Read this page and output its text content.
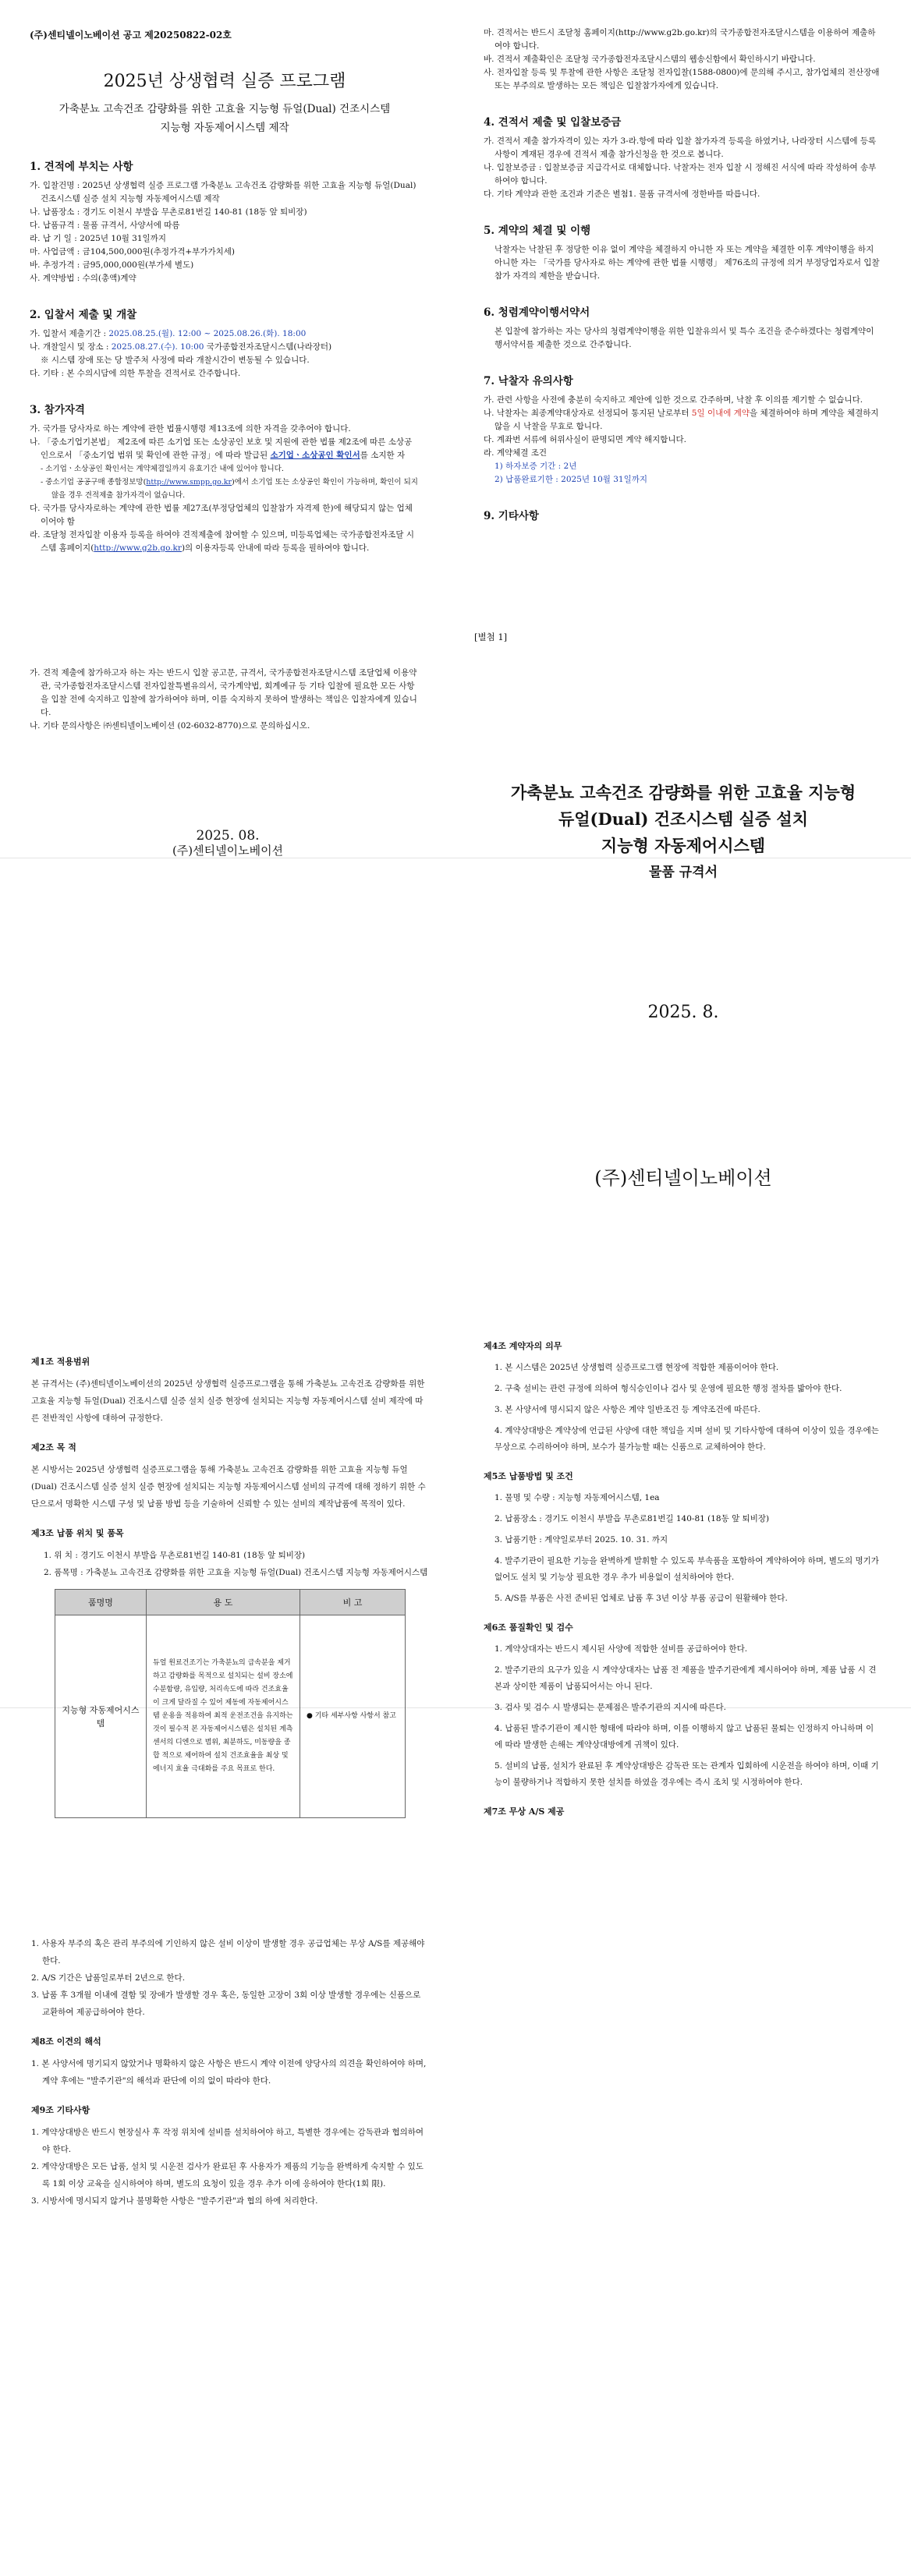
(주)센티넬이노베이션 공고 제20250822-02호

2025년 상생협력 실증 프로그램

가축분뇨 고속건조 감량화를 위한 고효율 지능형 듀얼(Dual) 건조시스템

지능형 자동제어시스템 제작

1. 견적에 부치는 사항

가. 입찰건명 : 2025년 상생협력 실증 프로그램 가축분뇨 고속건조 감량화를 위한 고효율 지능형 듀얼(Dual) 건조시스템 실증 설치 지능형 자동제어시스템 제작

나. 납품장소 : 경기도 이천시 부발읍 무촌로81번길 140-81 (18동 앞 퇴비장)

다. 납품규격 : 물품 규격서, 사양서에 따름

라. 납 기 일 : 2025년 10월 31일까지

마. 사업금액 : 금104,500,000원(추정가격+부가가치세)

바. 추정가격 : 금95,000,000원(부가세 별도)

사. 계약방법 : 수의(총액)계약

2. 입찰서 제출 및 개찰

가. 입찰서 제출기간 : 2025.08.25.(월). 12:00 ~ 2025.08.26.(화). 18:00

나. 개찰일시 및 장소 : 2025.08.27.(수). 10:00 국가종합전자조달시스템(나라장터)

※ 시스템 장애 또는 당 발주처 사정에 따라 개찰시간이 변동될 수 있습니다.

다. 기타 : 본 수의시담에 의한 투찰을 견적서로 간주합니다.

3. 참가자격

가. 국가를 당사자로 하는 계약에 관한 법률시행령 제13조에 의한 자격을 갖추어야 합니다.

나. 「중소기업기본법」 제2조에 따른 소기업 또는 소상공인 보호 및 지원에 관한 법률 제2조에 따른 소상공인으로서 「중소기업 범위 및 확인에 관한 규정」에 따라 발급된 소기업ㆍ소상공인 확인서를 소지한 자

- 소기업ㆍ소상공인 확인서는 계약체결일까지 유효기간 내에 있어야 합니다.

- 중소기업 공공구매 종합정보망(http://www.smpp.go.kr)에서 소기업 또는 소상공인 확인이 가능하며, 확인이 되지 않을 경우 견적제출 참가자격이 없습니다.

다. 국가를 당사자로하는 계약에 관한 법률 제27조(부정당업체의 입찰참가 자격제 한)에 해당되지 않는 업체이어야 함

라. 조달청 전자입찰 이용자 등록을 하여야 견적제출에 참여할 수 있으며, 미등록업체는 국가종합전자조달 시스템 홈페이지(http://www.g2b.go.kr)의 이용자등록 안내에 따라 등록을 필하여야 합니다.

가. 견적 제출에 참가하고자 하는 자는 반드시 입찰 공고문, 규격서, 국가종합전자조달시스템 조달업체 이용약관, 국가종합전자조달시스템 전자입찰특별유의서, 국가계약법, 회계예규 등 기타 입찰에 필요한 모든 사항을 입찰 전에 숙지하고 입찰에 참가하여야 하며, 이를 숙지하지 못하여 발생하는 책임은 입찰자에게 있습니다.

나. 기타 문의사항은 ㈜센티넬이노베이션 (02-6032-8770)으로 문의하십시오.

2025. 08.

(주)센티넬이노베이션

마. 견적서는 반드시 조달청 홈페이지(http://www.g2b.go.kr)의 국가종합전자조달시스템을 이용하여 제출하여야 합니다.

바. 견적서 제출확인은 조달청 국가종합전자조달시스템의 웹송신함에서 확인하시기 바랍니다.

사. 전자입찰 등록 및 투찰에 관한 사항은 조달청 전자입찰(1588-0800)에 문의해 주시고, 참가업체의 전산장애 또는 부주의로 발생하는 모든 책임은 입찰참가자에게 있습니다.

4. 견적서 제출 및 입찰보증금

가. 견적서 제출 참가자격이 있는 자가 3-라.항에 따라 입찰 참가자격 등록을 하였거나, 나라장터 시스템에 등록사항이 계재된 경우에 견적서 제출 참가신청을 한 것으로 봅니다.

나. 입찰보증금 : 입찰보증금 지급각서로 대체합니다. 낙찰자는 전자 입찰 시 정해진 서식에 따라 작성하여 송부하여야 합니다.

다. 기타 계약과 관한 조건과 기준은 별첨1. 물품 규격서에 정한바를 따릅니다.

5. 계약의 체결 및 이행

낙찰자는 낙찰된 후 정당한 이유 없이 계약을 체결하지 아니한 자 또는 계약을 체결한 이후 계약이행을 하지 아니한 자는 「국가를 당사자로 하는 계약에 관한 법률 시행령」 제76조의 규정에 의거 부정당업자로서 입찰참가 자격의 제한을 받습니다.

6. 청렴계약이행서약서

본 입찰에 참가하는 자는 당사의 청렴계약이행을 위한 입찰유의서 및 특수 조건을 준수하겠다는 청렴계약이행서약서를 제출한 것으로 간주합니다.

7. 낙찰자 유의사항

가. 관련 사항을 사전에 충분히 숙지하고 제안에 임한 것으로 간주하며, 낙찰 후 이의를 제기할 수 없습니다.

나. 낙찰자는 최종계약대상자로 선정되어 통지된 날로부터 5일 이내에 계약을 체결하여야 하며 계약을 체결하지 않을 시 낙찰을 무효로 합니다.

다. 계좌번 서류에 허위사실이 판명되면 계약 해지합니다.

라. 계약체결 조건

1) 하자보증 기간 : 2년

2) 납품완료기한 : 2025년 10월 31일까지

9. 기타사항

[별첨 1]

가축분뇨 고속건조 감량화를 위한 고효율 지능형

듀얼(Dual) 건조시스템 실증 설치

지능형 자동제어시스템

물품 규격서

2025. 8.

(주)센티넬이노베이션

제1조 적용범위

본 규격서는 (주)센티넬이노베이션의 2025년 상생협력 실증프로그램을 통해 가축분뇨 고속건조 감량화를 위한 고효율 지능형 듀얼(Dual) 건조시스템 실증 설치 실증 현장에 설치되는 지능형 자동제어시스템 설비 제작에 따른 전반적인 사항에 대하여 규정한다.

제2조 목 적

본 시방서는 2025년 상생협력 실증프로그램을 통해 가축분뇨 고속건조 감량화를 위한 고효율 지능형 듀얼(Dual) 건조시스템 실증 설치 실증 현장에 설치되는 지능형 자동제어시스템 설비의 규격에 대해 정하기 위한 수단으로서 명확한 시스템 구성 및 납품 방법 등을 기술하여 신뢰할 수 있는 설비의 제작납품에 목적이 있다.

제3조 납품 위치 및 품목

1. 위 치 : 경기도 이천시 부발읍 무촌로81번길 140-81 (18동 앞 퇴비장)

2. 품목명 : 가축분뇨 고속건조 감량화를 위한 고효율 지능형 듀얼(Dual) 건조시스템 지능형 자동제어시스템

품명명	용 도	비 고
지능형 자동제어시스템	듀얼 원료건조기는 가축분뇨의 급속분을 제거하고 감량화를 목적으로 설치되는 설비 장소에 수분함량, 유입량, 처리속도에 따라 건조효율이 크게 달라질 수 있어 제동에 자동제어시스템 운용을 적용하여 최적 운전조건을 유지하는 것이 필수적 본 자동제어시스템은 설치된 계측 센서의 디엔으로 범위, 최분하도, 미동량을 종합 적으로 제어하여 설치 건조효율을 최상 및 에너지 효율 극대화를 주요 목표로 한다.	● 기타 세부사항 사항서 참고

1. 사용자 부주의 혹은 관리 부주의에 기인하지 않은 설비 이상이 발생할 경우 공급업체는 무상 A/S를 제공해야 한다.

2. A/S 기간은 납품일로부터 2년으로 한다.

3. 납품 후 3개월 이내에 결함 및 장애가 발생할 경우 혹은, 동일한 고장이 3회 이상 발생할 경우에는 신품으로 교환하여 제공급하여야 한다.

제8조 이견의 해석

1. 본 사양서에 명기되지 않았거나 명확하지 않은 사항은 반드시 계약 이전에 양당사의 의견을 확인하여야 하며, 계약 후에는 "발주기관"의 해석과 판단에 이의 없이 따라야 한다.

제9조 기타사항

1. 계약상대방은 반드시 현장실사 후 작정 위치에 설비를 설치하여야 하고, 특별한 경우에는 감독관과 협의하여야 한다.

2. 계약상대방은 모든 납품, 설치 및 시운전 검사가 완료된 후 사용자가 제품의 기능을 완벽하게 숙지할 수 있도록 1회 이상 교육을 실시하여야 하며, 별도의 요청이 있을 경우 추가 이에 응하여야 한다(1회 限).

3. 시방서에 명시되지 않거나 불명확한 사항은 "발주기관"과 협의 하에 처리한다.

제4조 계약자의 의무

1. 본 시스템은 2025년 상생협력 실증프로그램 현장에 적합한 제품이어야 한다.
2. 구축 설비는 관련 규정에 의하여 형식승인이나 검사 및 운영에 필요한 행정 절차를 밟아야 한다.
3. 본 사양서에 명시되지 않은 사항은 계약 일반조건 등 계약조건에 따른다.
4. 계약상대방은 계약상에 언급된 사양에 대한 책임을 지며 설비 및 기타사항에 대하여 이상이 있을 경우에는 무상으로 수리하여야 하며, 보수가 불가능할 때는 신품으로 교체하여야 한다.

제5조 납품방법 및 조건

1. 물명 및 수량 : 지능형 자동제어시스템, 1ea
2. 납품장소 : 경기도 이천시 부발읍 무촌로81번길 140-81 (18동 앞 퇴비장)
3. 납품기한 : 계약일로부터 2025. 10. 31. 까지
4. 발주기관이 필요한 기능을 완벽하게 발휘할 수 있도록 부속품을 포함하여 계약하여야 하며, 별도의 명기가 없어도 설치 및 기능상 필요한 경우 추가 비용없이 설치하여야 한다.
5. A/S를 부품은 사전 준비된 업체로 납품 후 3년 이상 부품 공급이 원활해야 한다.

제6조 품질확인 및 검수

1. 계약상대자는 반드시 제시된 사양에 적합한 설비를 공급하여야 한다.
2. 발주기관의 요구가 있을 시 계약상대자는 납품 전 제품을 발주기관에게 제시하여야 하며, 제품 납품 시 견본과 상이한 제품이 납품되어서는 아니 된다.
3. 검사 및 검수 시 발생되는 문제점은 발주기관의 지시에 따른다.
4. 납품된 발주기관이 제시한 형태에 따라야 하며, 이를 이행하지 않고 납품된 물퇴는 인정하지 아니하며 이에 따라 발생한 손해는 계약상대방에게 귀책이 있다.
5. 설비의 납품, 설치가 완료된 후 계약상대방은 감독관 또는 관계자 입회하에 시운전을 하여야 하며, 이때 기능이 불량하거나 적합하지 못한 설치를 하였을 경우에는 즉시 조치 및 시정하여야 한다.

제7조 무상 A/S 제공
